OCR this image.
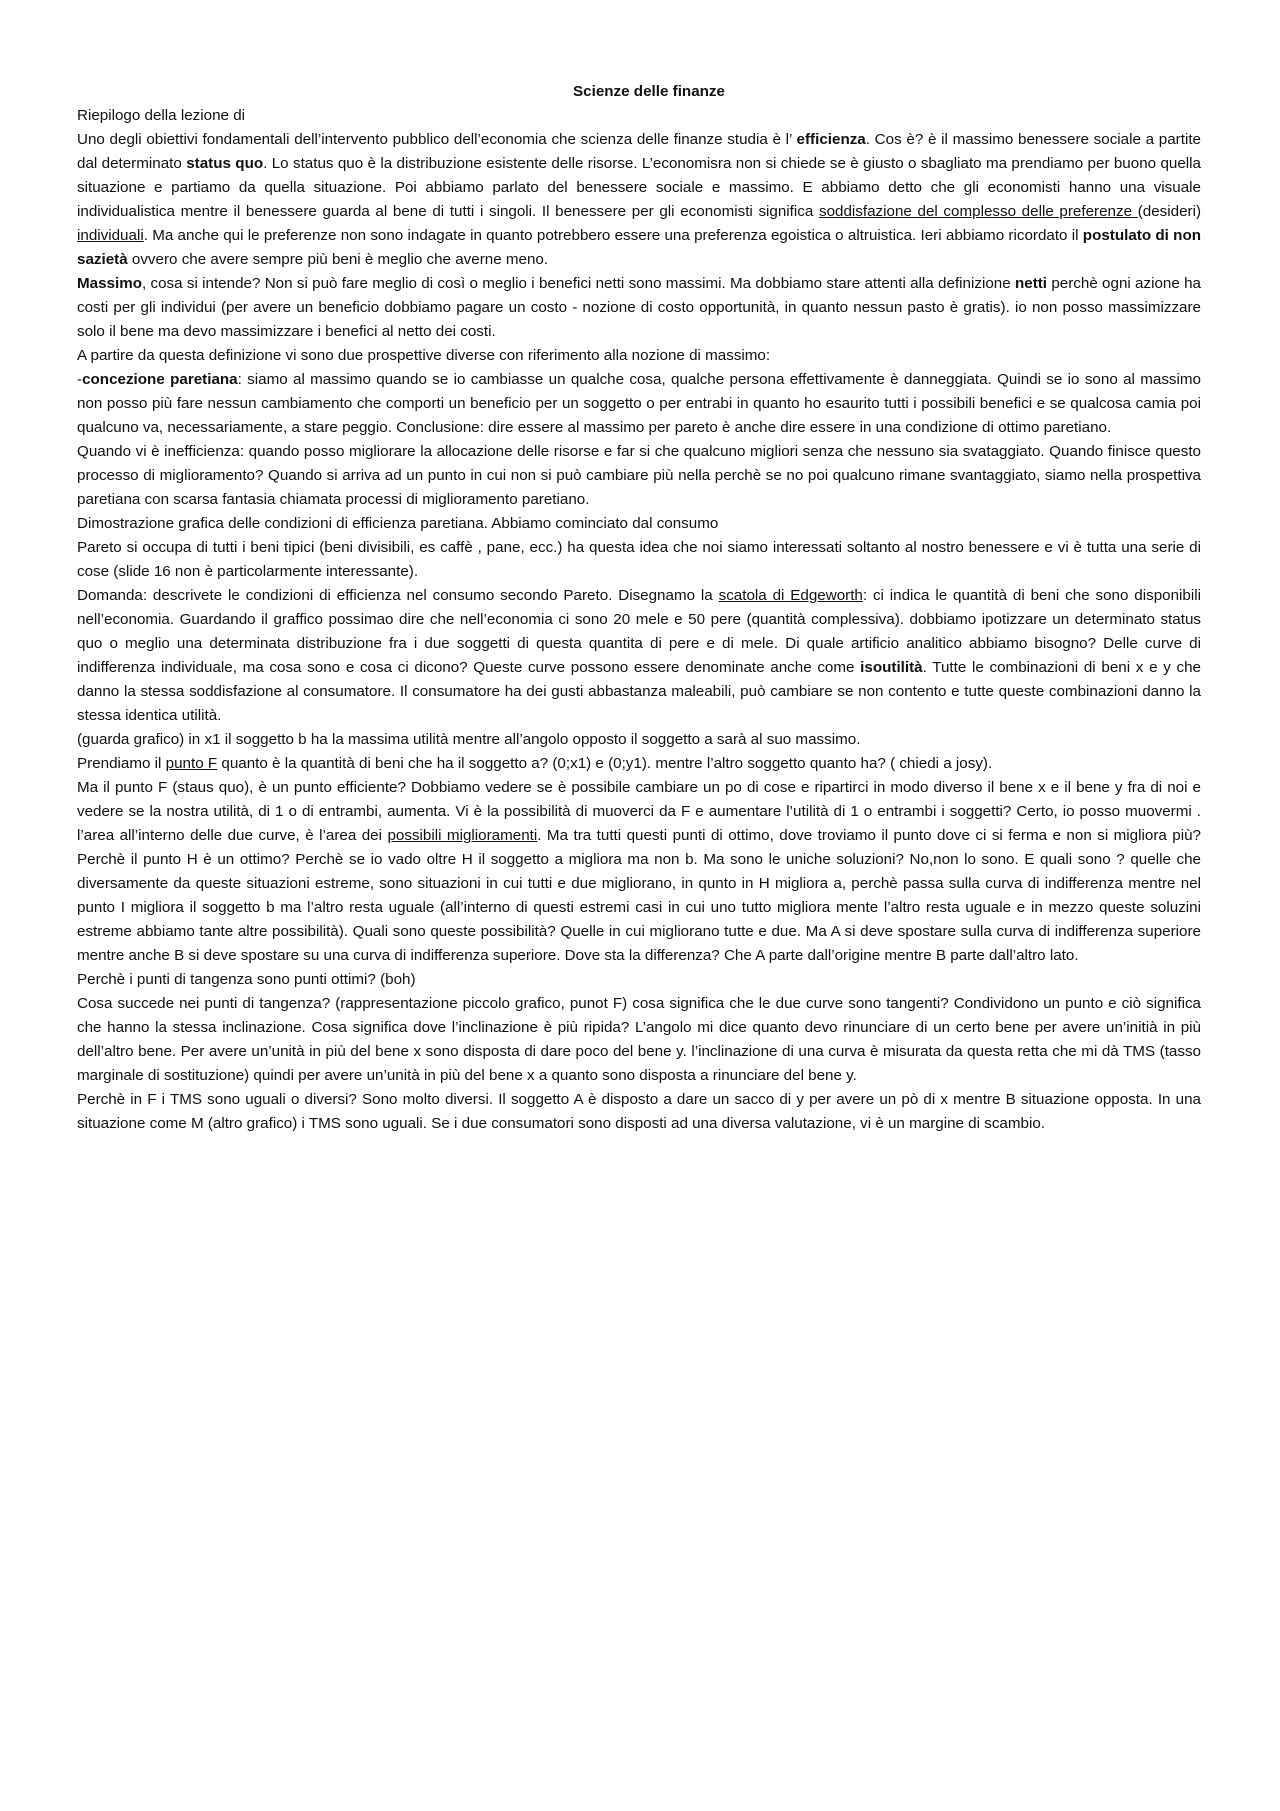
Scienze delle finanze

Riepilogo della lezione di

Uno degli obiettivi fondamentali dell’intervento pubblico dell’economia che scienza delle finanze studia è l’ efficienza. Cos è? è il massimo benessere sociale a partite dal determinato status quo. Lo status quo è la distribuzione esistente delle risorse. L’economisra non si chiede se è giusto o sbagliato ma prendiamo per buono quella situazione e partiamo da quella situazione. Poi abbiamo parlato del benessere sociale e massimo. E abbiamo detto che gli economisti hanno una visuale individualistica mentre il benessere guarda al bene di tutti i singoli. Il benessere per gli economisti significa soddisfazione del complesso delle preferenze (desideri) individuali. Ma anche qui le preferenze non sono indagate in quanto potrebbero essere una preferenza egoistica o altruistica. Ieri abbiamo ricordato il postulato di non sazietà ovvero che avere sempre più beni è meglio che averne meno.

Massimo, cosa si intende? Non si può fare meglio di così o meglio i benefici netti sono massimi. Ma dobbiamo stare attenti alla definizione netti perchè ogni azione ha costi per gli individui (per avere un beneficio dobbiamo pagare un costo - nozione di costo opportunità, in quanto nessun pasto è gratis). io non posso massimizzare solo il bene ma devo massimizzare i benefici al netto dei costi.

A partire da questa definizione vi sono due prospettive diverse con riferimento alla nozione di massimo:

-concezione paretiana: siamo al massimo quando se io cambiasse un qualche cosa, qualche persona effettivamente è danneggiata. Quindi se io sono al massimo non posso più fare nessun cambiamento che comporti un beneficio per un soggetto o per entrabi in quanto ho esaurito tutti i possibili benefici e se qualcosa camia poi qualcuno va, necessariamente, a stare peggio. Conclusione: dire essere al massimo per pareto è anche dire essere in una condizione di ottimo paretiano.

Quando vi è inefficienza: quando posso migliorare la allocazione delle risorse e far si che qualcuno migliori senza che nessuno sia svataggiato. Quando finisce questo processo di miglioramento? Quando si arriva ad un punto in cui non si può cambiare più nella perchè se no poi qualcuno rimane svantaggiato, siamo nella prospettiva paretiana con scarsa fantasia chiamata processi di miglioramento paretiano.

Dimostrazione grafica delle condizioni di efficienza paretiana. Abbiamo cominciato dal consumo

Pareto si occupa di tutti i beni tipici (beni divisibili, es caffè , pane, ecc.) ha questa idea che noi siamo interessati soltanto al nostro benessere e vi è tutta una serie di cose (slide 16 non è particolarmente interessante).

Domanda: descrivete le condizioni di efficienza nel consumo secondo Pareto. Disegnamo la scatola di Edgeworth: ci indica le quantità di beni che sono disponibili nell’economia. Guardando il graffico possimao dire che nell’economia ci sono 20 mele e 50 pere (quantità complessiva). dobbiamo ipotizzare un determinato status quo o meglio una determinata distribuzione fra i due soggetti di questa quantita di pere e di mele. Di quale artificio analitico abbiamo bisogno? Delle curve di indifferenza individuale, ma cosa sono e cosa ci dicono? Queste curve possono essere denominate anche come isoutilità. Tutte le combinazioni di beni x e y che danno la stessa soddisfazione al consumatore. Il consumatore ha dei gusti abbastanza maleabili, può cambiare se non contento e tutte queste combinazioni danno la stessa identica utilità.

(guarda grafico) in x1 il soggetto b ha la massima utilità mentre all’angolo opposto il soggetto a sarà al suo massimo.

Prendiamo il punto F quanto è la quantità di beni che ha il soggetto a? (0;x1) e (0;y1). mentre l’altro soggetto quanto ha? ( chiedi a josy).

Ma il punto F (staus quo), è un punto efficiente? Dobbiamo vedere se è possibile cambiare un po di cose e ripartirci in modo diverso il bene x e il bene y fra di noi e vedere se la nostra utilità, di 1 o di entrambi, aumenta. Vi è la possibilità di muoverci da F e aumentare l’utilità di 1 o entrambi i soggetti? Certo, io posso muovermi . l’area all’interno delle due curve, è l’area dei possibili miglioramenti. Ma tra tutti questi punti di ottimo, dove troviamo il punto dove ci si ferma e non si migliora più? Perchè il punto H è un ottimo? Perchè se io vado oltre H il soggetto a migliora ma non b. Ma sono le uniche soluzioni? No,non lo sono. E quali sono ? quelle che diversamente da queste situazioni estreme, sono situazioni in cui tutti e due migliorano, in qunto in H migliora a, perchè passa sulla curva di indifferenza mentre nel punto I migliora il soggetto b ma l’altro resta uguale (all’interno di questi estremi casi in cui uno tutto migliora mente l’altro resta uguale e in mezzo queste soluzini estreme abbiamo tante altre possibilità). Quali sono queste possibilità? Quelle in cui migliorano tutte e due. Ma A si deve spostare sulla curva di indifferenza superiore mentre anche B si deve spostare su una curva di indifferenza superiore. Dove sta la differenza? Che A parte dall’origine mentre B parte dall’altro lato.

Perchè i punti di tangenza sono punti ottimi? (boh)

Cosa succede nei punti di tangenza? (rappresentazione piccolo grafico, punot F) cosa significa che le due curve sono tangenti? Condividono un punto e ciò significa che hanno la stessa inclinazione. Cosa significa dove l’inclinazione è più ripida? L’angolo mi dice quanto devo rinunciare di un certo bene per avere un’initià in più dell’altro bene. Per avere un’unità in più del bene x sono disposta di dare poco del bene y. l’inclinazione di una curva è misurata da questa retta che mi dà TMS (tasso marginale di sostituzione) quindi per avere un’unità in più del bene x a quanto sono disposta a rinunciare del bene y.

Perchè in F i TMS sono uguali o diversi? Sono molto diversi. Il soggetto A è disposto a dare un sacco di y per avere un pò di x mentre B situazione opposta. In una situazione come M (altro grafico) i TMS sono uguali. Se i due consumatori sono disposti ad una diversa valutazione, vi è un margine di scambio.
